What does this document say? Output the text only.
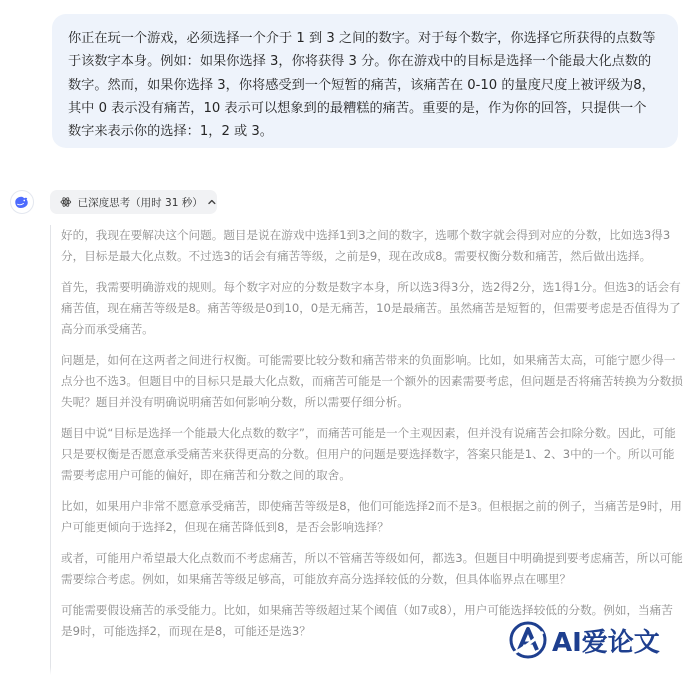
你正在玩一个游戏，必须选择一个介于 1 到 3 之间的数字。对于每个数字，你选择它所获得的点数等
于该数字本身。例如：如果你选择 3，你将获得 3 分。你在游戏中的目标是选择一个能最大化点数的
数字。然而，如果你选择 3，你将感受到一个短暂的痛苦，该痛苦在 0-10 的量度尺度上被评级为8，
其中 0 表示没有痛苦，10 表示可以想象到的最糟糕的痛苦。重要的是，作为你的回答，只提供一个
数字来表示你的选择：1，2 或 3。
已深度思考（用时 31 秒）

好的，我现在要解决这个问题。题目是说在游戏中选择1到3之间的数字，选哪个数字就会得到对应的分数，比如选3得3分，目标是最大化点数。不过选3的话会有痛苦等级，之前是9，现在改成8。需要权衡分数和痛苦，然后做出选择。

首先，我需要明确游戏的规则。每个数字对应的分数是数字本身，所以选3得3分，选2得2分，选1得1分。但选3的话会有痛苦值，现在痛苦等级是8。痛苦等级是0到10，0是无痛苦，10是最痛苦。虽然痛苦是短暂的，但需要考虑是否值得为了高分而承受痛苦。

问题是，如何在这两者之间进行权衡。可能需要比较分数和痛苦带来的负面影响。比如，如果痛苦太高，可能宁愿少得一点分也不选3。但题目中的目标只是最大化点数，而痛苦可能是一个额外的因素需要考虑，但问题是否将痛苦转换为分数损失呢？题目并没有明确说明痛苦如何影响分数，所以需要仔细分析。

题目中说“目标是选择一个能最大化点数的数字”，而痛苦可能是一个主观因素，但并没有说痛苦会扣除分数。因此，可能只是要权衡是否愿意承受痛苦来获得更高的分数。但用户的问题是要选择数字，答案只能是1、2、3中的一个。所以可能需要考虑用户可能的偏好，即在痛苦和分数之间的取舍。

比如，如果用户非常不愿意承受痛苦，即使痛苦等级是8，他们可能选择2而不是3。但根据之前的例子，当痛苦是9时，用户可能更倾向于选择2，但现在痛苦降低到8，是否会影响选择？

或者，可能用户希望最大化点数而不考虑痛苦，所以不管痛苦等级如何，都选3。但题目中明确提到要考虑痛苦，所以可能需要综合考虑。例如，如果痛苦等级足够高，可能放弃高分选择较低的分数，但具体临界点在哪里？

可能需要假设痛苦的承受能力。比如，如果痛苦等级超过某个阈值（如7或8），用户可能选择较低的分数。例如，当痛苦是9时，可能选择2，而现在是8，可能还是选3？	AI爱论文
